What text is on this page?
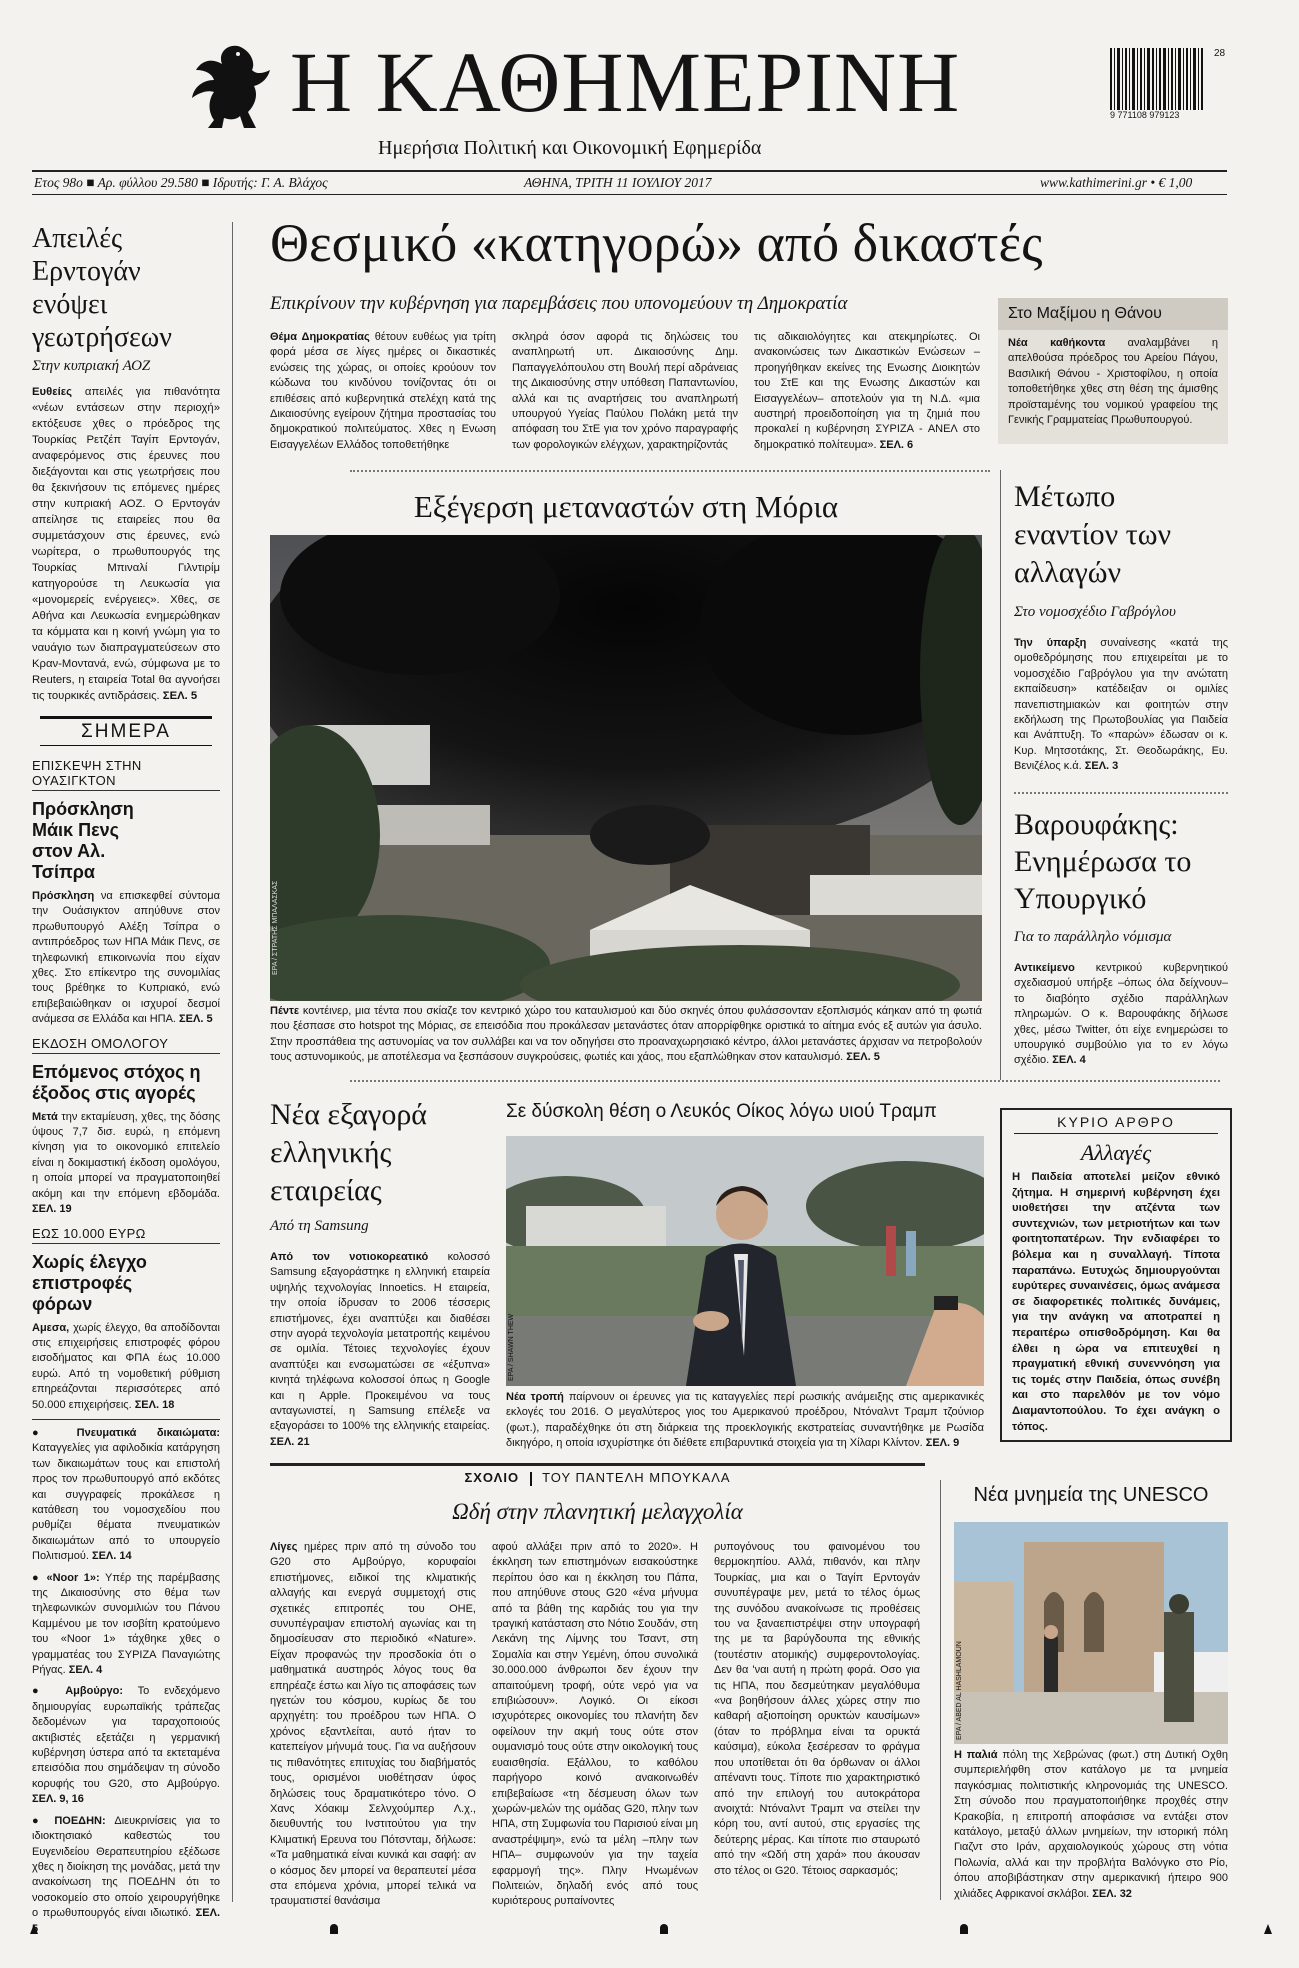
Η ΚΑΘΗΜΕΡΙΝΗ
Ημερήσια Πολιτική και Οικονομική Εφημερίδα
28
9 771108 979123
Ετος 98ο ■ Αρ. φύλλου 29.580 ■ Ιδρυτής: Γ. Α. Βλάχος	ΑΘΗΝΑ, ΤΡΙΤΗ 11 ΙΟΥΛΙΟΥ 2017	www.kathimerini.gr • € 1,00
Απειλές Ερντογάν ενόψει γεωτρήσεων
Στην κυπριακή ΑΟΖ

Ευθείες απειλές για πιθανότητα «νέων εντάσεων στην περιοχή» εκτόξευσε χθες ο πρόεδρος της Τουρκίας Ρετζέπ Ταγίπ Ερντογάν, αναφερόμενος στις έρευνες που διεξάγονται και στις γεωτρήσεις που θα ξεκινήσουν τις επόμενες ημέρες στην κυπριακή ΑΟΖ. Ο Ερντογάν απείλησε τις εταιρείες που θα συμμετάσχουν στις έρευνες, ενώ νωρίτερα, ο πρωθυπουργός της Τουρκίας Μπιναλί Γιλντιρίμ κατηγορούσε τη Λευκωσία για «μονομερείς ενέργειες». Χθες, σε Αθήνα και Λευκωσία ενημερώθηκαν τα κόμματα και η κοινή γνώμη για το ναυάγιο των διαπραγματεύσεων στο Κραν-Μοντανά, ενώ, σύμφωνα με το Reuters, η εταιρεία Total θα αγνοήσει τις τουρκικές αντιδράσεις. ΣΕΛ. 5

ΣΗΜΕΡΑ
ΕΠΙΣΚΕΨΗ ΣΤΗΝ ΟΥΑΣΙΓΚΤΟΝ
Πρόσκληση Μάικ Πενς στον Αλ. Τσίπρα

Πρόσκληση να επισκεφθεί σύντομα την Ουάσιγκτον απηύθυνε στον πρωθυπουργό Αλέξη Τσίπρα ο αντιπρόεδρος των ΗΠΑ Μάικ Πενς, σε τηλεφωνική επικοινωνία που είχαν χθες. Στο επίκεντρο της συνομιλίας τους βρέθηκε το Κυπριακό, ενώ επιβεβαιώθηκαν οι ισχυροί δεσμοί ανάμεσα σε Ελλάδα και ΗΠΑ. ΣΕΛ. 5

ΕΚΔΟΣΗ ΟΜΟΛΟΓΟΥ
Επόμενος στόχος η έξοδος στις αγορές

Μετά την εκταμίευση, χθες, της δόσης ύψους 7,7 δισ. ευρώ, η επόμενη κίνηση για το οικονομικό επιτελείο είναι η δοκιμαστική έκδοση ομολόγου, η οποία μπορεί να πραγματοποιηθεί ακόμη και την επόμενη εβδομάδα. ΣΕΛ. 19

ΕΩΣ 10.000 ΕΥΡΩ
Χωρίς έλεγχο επιστροφές φόρων

Αμεσα, χωρίς έλεγχο, θα αποδίδονται στις επιχειρήσεις επιστροφές φόρου εισοδήματος και ΦΠΑ έως 10.000 ευρώ. Από τη νομοθετική ρύθμιση επηρεάζονται περισσότερες από 50.000 επιχειρήσεις. ΣΕΛ. 18

● Πνευματικά δικαιώματα: Καταγγελίες για αφιλοδικία κατάργηση των δικαιωμάτων τους και επιστολή προς τον πρωθυπουργό από εκδότες και συγγραφείς προκάλεσε η κατάθεση του νομοσχεδίου που ρυθμίζει θέματα πνευματικών δικαιωμάτων από το υπουργείο Πολιτισμού. ΣΕΛ. 14

● «Noor 1»: Υπέρ της παρέμβασης της Δικαιοσύνης στο θέμα των τηλεφωνικών συνομιλιών του Πάνου Καμμένου με τον ισοβίτη κρατούμενο του «Noor 1» τάχθηκε χθες ο γραμματέας του ΣΥΡΙΖΑ Παναγιώτης Ρήγας. ΣΕΛ. 4

● Αμβούργο: Το ενδεχόμενο δημιουργίας ευρωπαϊκής τράπεζας δεδομένων για ταραχοποιούς ακτιβιστές εξετάζει η γερμανική κυβέρνηση ύστερα από τα εκτεταμένα επεισόδια που σημάδεψαν τη σύνοδο κορυφής του G20, στο Αμβούργο. ΣΕΛ. 9, 16

● ΠΟΕΔΗΝ: Διευκρινίσεις για το ιδιοκτησιακό καθεστώς του Ευγενιδείου Θεραπευτηρίου εξέδωσε χθες η διοίκηση της μονάδας, μετά την ανακοίνωση της ΠΟΕΔΗΝ ότι το νοσοκομείο στο οποίο χειρουργήθηκε ο πρωθυπουργός είναι ιδιωτικό. ΣΕΛ. 5

Θεσμικό «κατηγορώ» από δικαστές
Επικρίνουν την κυβέρνηση για παρεμβάσεις που υπονομεύουν τη Δημοκρατία

Θέμα Δημοκρατίας θέτουν ευθέως για τρίτη φορά μέσα σε λίγες ημέρες οι δικαστικές ενώσεις της χώρας, οι οποίες κρούουν τον κώδωνα του κινδύνου τονίζοντας ότι οι επιθέσεις από κυβερνητικά στελέχη κατά της Δικαιοσύνης εγείρουν ζήτημα προστασίας του δημοκρατικού πολιτεύματος. Χθες η Ενωση Εισαγγελέων Ελλάδος τοποθετήθηκε

σκληρά όσον αφορά τις δηλώσεις του αναπληρωτή υπ. Δικαιοσύνης Δημ. Παπαγγελόπουλου στη Βουλή περί αδράνειας της Δικαιοσύνης στην υπόθεση Παπαντωνίου, αλλά και τις αναρτήσεις του αναπληρωτή υπουργού Υγείας Παύλου Πολάκη μετά την απόφαση του ΣτΕ για τον χρόνο παραγραφής των φορολογικών ελέγχων, χαρακτηρίζοντάς

τις αδικαιολόγητες και ατεκμηρίωτες. Οι ανακοινώσεις των Δικαστικών Ενώσεων – προηγήθηκαν εκείνες της Ενωσης Διοικητών του ΣτΕ και της Ενωσης Δικαστών και Εισαγγελέων– αποτελούν για τη Ν.Δ. «μια αυστηρή προειδοποίηση για τη ζημιά που προκαλεί η κυβέρνηση ΣΥΡΙΖΑ - ΑΝΕΛ στο δημοκρατικό πολίτευμα». ΣΕΛ. 6

Στο Μαξίμου η Θάνου

Νέα καθήκοντα αναλαμβάνει η απελθούσα πρόεδρος του Αρείου Πάγου, Βασιλική Θάνου - Χριστοφίλου, η οποία τοποθετήθηκε χθες στη θέση της άμισθης προϊσταμένης του νομικού γραφείου της Γενικής Γραμματείας Πρωθυπουργού.

Εξέγερση μεταναστών στη Μόρια
EPA / ΣΤΡΑΤΗΣ ΜΠΑΛΑΣΚΑΣ

Πέντε κοντέινερ, μια τέντα που σκίαζε τον κεντρικό χώρο του καταυλισμού και δύο σκηνές όπου φυλάσσονταν εξοπλισμός κάηκαν από τη φωτιά που ξέσπασε στο hotspot της Μόριας, σε επεισόδια που προκάλεσαν μετανάστες όταν απορρίφθηκε οριστικά το αίτημα ενός εξ αυτών για άσυλο. Στην προσπάθεια της αστυνομίας να τον συλλάβει και να τον οδηγήσει στο προαναχωρησιακό κέντρο, άλλοι μετανάστες άρχισαν να πετροβολούν τους αστυνομικούς, με αποτέλεσμα να ξεσπάσουν συγκρούσεις, φωτιές και χάος, που εξαπλώθηκαν στον καταυλισμό. ΣΕΛ. 5

Μέτωπο εναντίον των αλλαγών
Στο νομοσχέδιο Γαβρόγλου

Την ύπαρξη συναίνεσης «κατά της ομοθεδρόμησης που επιχειρείται με το νομοσχέδιο Γαβρόγλου για την ανώτατη εκπαίδευση» κατέδειξαν οι ομιλίες πανεπιστημιακών και φοιτητών στην εκδήλωση της Πρωτοβουλίας για Παιδεία και Ανάπτυξη. Το «παρών» έδωσαν οι κ. Κυρ. Μητσοτάκης, Στ. Θεοδωράκης, Ευ. Βενιζέλος κ.ά. ΣΕΛ. 3

Βαρουφάκης: Ενημέρωσα το Υπουργικό
Για το παράλληλο νόμισμα

Αντικείμενο κεντρικού κυβερνητικού σχεδιασμού υπήρξε –όπως όλα δείχνουν– το διαβόητο σχέδιο παράλληλων πληρωμών. Ο κ. Βαρουφάκης δήλωσε χθες, μέσω Twitter, ότι είχε ενημερώσει το υπουργικό συμβούλιο για το εν λόγω σχέδιο. ΣΕΛ. 4

Νέα εξαγορά ελληνικής εταιρείας
Από τη Samsung

Από τον νοτιοκορεατικό κολοσσό Samsung εξαγοράστηκε η ελληνική εταιρεία υψηλής τεχνολογίας Innoetics. Η εταιρεία, την οποία ίδρυσαν το 2006 τέσσερις επιστήμονες, έχει αναπτύξει και διαθέσει στην αγορά τεχνολογία μετατροπής κειμένου σε ομιλία. Τέτοιες τεχνολογίες έχουν αναπτύξει και ενσωματώσει σε «έξυπνα» κινητά τηλέφωνα κολοσσοί όπως η Google και η Apple. Προκειμένου να τους ανταγωνιστεί, η Samsung επέλεξε να εξαγοράσει το 100% της ελληνικής εταιρείας. ΣΕΛ. 21

Σε δύσκολη θέση ο Λευκός Οίκος λόγω υιού Τραμπ
EPA / SHAWN THEW

Νέα τροπή παίρνουν οι έρευνες για τις καταγγελίες περί ρωσικής ανάμειξης στις αμερικανικές εκλογές του 2016. Ο μεγαλύτερος γιος του Αμερικανού προέδρου, Ντόναλντ Τραμπ τζούνιορ (φωτ.), παραδέχθηκε ότι στη διάρκεια της προεκλογικής εκστρατείας συναντήθηκε με Ρωσίδα δικηγόρο, η οποία ισχυρίστηκε ότι διέθετε επιβαρυντικά στοιχεία για τη Χίλαρι Κλίντον. ΣΕΛ. 9

ΚΥΡΙΟ ΑΡΘΡΟ
Αλλαγές

Η Παιδεία αποτελεί μείζον εθνικό ζήτημα. Η σημερινή κυβέρνηση έχει υιοθετήσει την ατζέντα των συντεχνιών, των μετριοτήτων και των φοιτητοπατέρων. Την ενδιαφέρει το βόλεμα και η συναλλαγή. Τίποτα παραπάνω. Ευτυχώς δημιουργούνται ευρύτερες συναινέσεις, όμως ανάμεσα σε διαφορετικές πολιτικές δυνάμεις, για την ανάγκη να αποτραπεί η περαιτέρω οπισθοδρόμηση. Και θα έλθει η ώρα να επιτευχθεί η πραγματική εθνική συνεννόηση για τις τομές στην Παιδεία, όπως συνέβη και στο παρελθόν με τον νόμο Διαμαντοπούλου. Το έχει ανάγκη ο τόπος.

ΣΧΟΛΙΟ ΤΟΥ ΠΑΝΤΕΛΗ ΜΠΟΥΚΑΛΑ
Ωδή στην πλανητική μελαγχολία

Λίγες ημέρες πριν από τη σύνοδο του G20 στο Αμβούργο, κορυφαίοι επιστήμονες, ειδικοί της κλιματικής αλλαγής και ενεργά συμμετοχή στις σχετικές επιτροπές του ΟΗΕ, συνυπέγραψαν επιστολή αγωνίας και τη δημοσίευσαν στο περιοδικό «Nature». Είχαν προφανώς την προσδοκία ότι ο μαθηματικά αυστηρός λόγος τους θα επηρέαζε έστω και λίγο τις αποφάσεις των ηγετών του κόσμου, κυρίως δε του αρχηγέτη: του προέδρου των ΗΠΑ. Ο χρόνος εξαντλείται, αυτό ήταν το κατεπείγον μήνυμά τους. Για να αυξήσουν τις πιθανότητες επιτυχίας του διαβήματός τους, ορισμένοι υιοθέτησαν ύφος δηλώσεις τους δραματικότερο τόνο. Ο Χανς Χόακιμ Σελνχούμπερ Λ.χ., διευθυντής του Ινστιτούτου για την Κλιματική Ερευνα του Πότσνταμ, δήλωσε: «Τα μαθηματικά είναι κυνικά και σαφή: αν ο κόσμος δεν μπορεί να θεραπευτεί μέσα στα επόμενα χρόνια, μπορεί τελικά να τραυματιστεί θανάσιμα

αφού αλλάξει πριν από το 2020». Η έκκληση των επιστημόνων εισακούστηκε περίπου όσο και η έκκληση του Πάπα, που απηύθυνε στους G20 «ένα μήνυμα από τα βάθη της καρδιάς του για την τραγική κατάσταση στο Νότιο Σουδάν, στη Λεκάνη της Λίμνης του Τσαντ, στη Σομαλία και στην Υεμένη, όπου συνολικά 30.000.000 άνθρωποι δεν έχουν την απαιτούμενη τροφή, ούτε νερό για να επιβιώσουν». Λογικό. Οι είκοσι ισχυρότερες οικονομίες του πλανήτη δεν οφείλουν την ακμή τους ούτε στον ουμανισμό τους ούτε στην οικολογική τους ευαισθησία. Εξάλλου, το καθόλου παρήγορο κοινό ανακοινωθέν επιβεβαίωσε «τη δέσμευση όλων των χωρών-μελών της ομάδας G20, πλην των ΗΠΑ, στη Συμφωνία του Παρισιού είναι μη αναστρέψιμη», ενώ τα μέλη –πλην των ΗΠΑ– συμφωνούν για την ταχεία εφαρμογή της». Πλην Ηνωμένων Πολιτειών, δηλαδή ενός από τους κυριότερους ρυπαίνοντες

ρυπογόνους του φαινομένου του θερμοκηπίου. Αλλά, πιθανόν, και πλην Τουρκίας, μια και ο Ταγίπ Ερντογάν συνυπέγραψε μεν, μετά το τέλος όμως της συνόδου ανακοίνωσε τις προθέσεις του να ξαναεπιστρέψει στην υπογραφή της με τα βαρύγδουπα της εθνικής (τουτέστιν ατομικής) συμφεροντολογίας. Δεν θα 'ναι αυτή η πρώτη φορά. Οσο για τις ΗΠΑ, που δεσμεύτηκαν μεγαλόθυμα «να βοηθήσουν άλλες χώρες στην πιο καθαρή αξιοποίηση ορυκτών καυσίμων» (όταν το πρόβλημα είναι τα ορυκτά καύσιμα), εύκολα ξεσέρεσαν το φράγμα που υποτίθεται ότι θα όρθωναν οι άλλοι απέναντι τους. Τίποτε πιο χαρακτηριστικό από την επιλογή του αυτοκράτορα ανοιχτά: Ντόναλντ Τραμπ να στείλει την κόρη του, αντί αυτού, στις εργασίες της δεύτερης μέρας. Και τίποτε πιο σταυρωτό από την «Ωδή στη χαρά» που άκουσαν στο τέλος οι G20. Τέτοιος σαρκασμός;

Νέα μνημεία της UNESCO
EPA / ABED AL HASHLAMOUN

Η παλιά πόλη της Χεβρώνας (φωτ.) στη Δυτική Οχθη συμπεριελήφθη στον κατάλογο με τα μνημεία παγκόσμιας πολιτιστικής κληρονομιάς της UNESCO. Στη σύνοδο που πραγματοποιήθηκε προχθές στην Κρακοβία, η επιτροπή αποφάσισε να εντάξει στον κατάλογο, μεταξύ άλλων μνημείων, την ιστορική πόλη Γιαζντ στο Ιράν, αρχαιολογικούς χώρους στη νότια Πολωνία, αλλά και την προβλήτα Βαλόνγκο στο Ρίο, όπου αποβιβάστηκαν στην αμερικανική ήπειρο 900 χιλιάδες Αφρικανοί σκλάβοι. ΣΕΛ. 32
